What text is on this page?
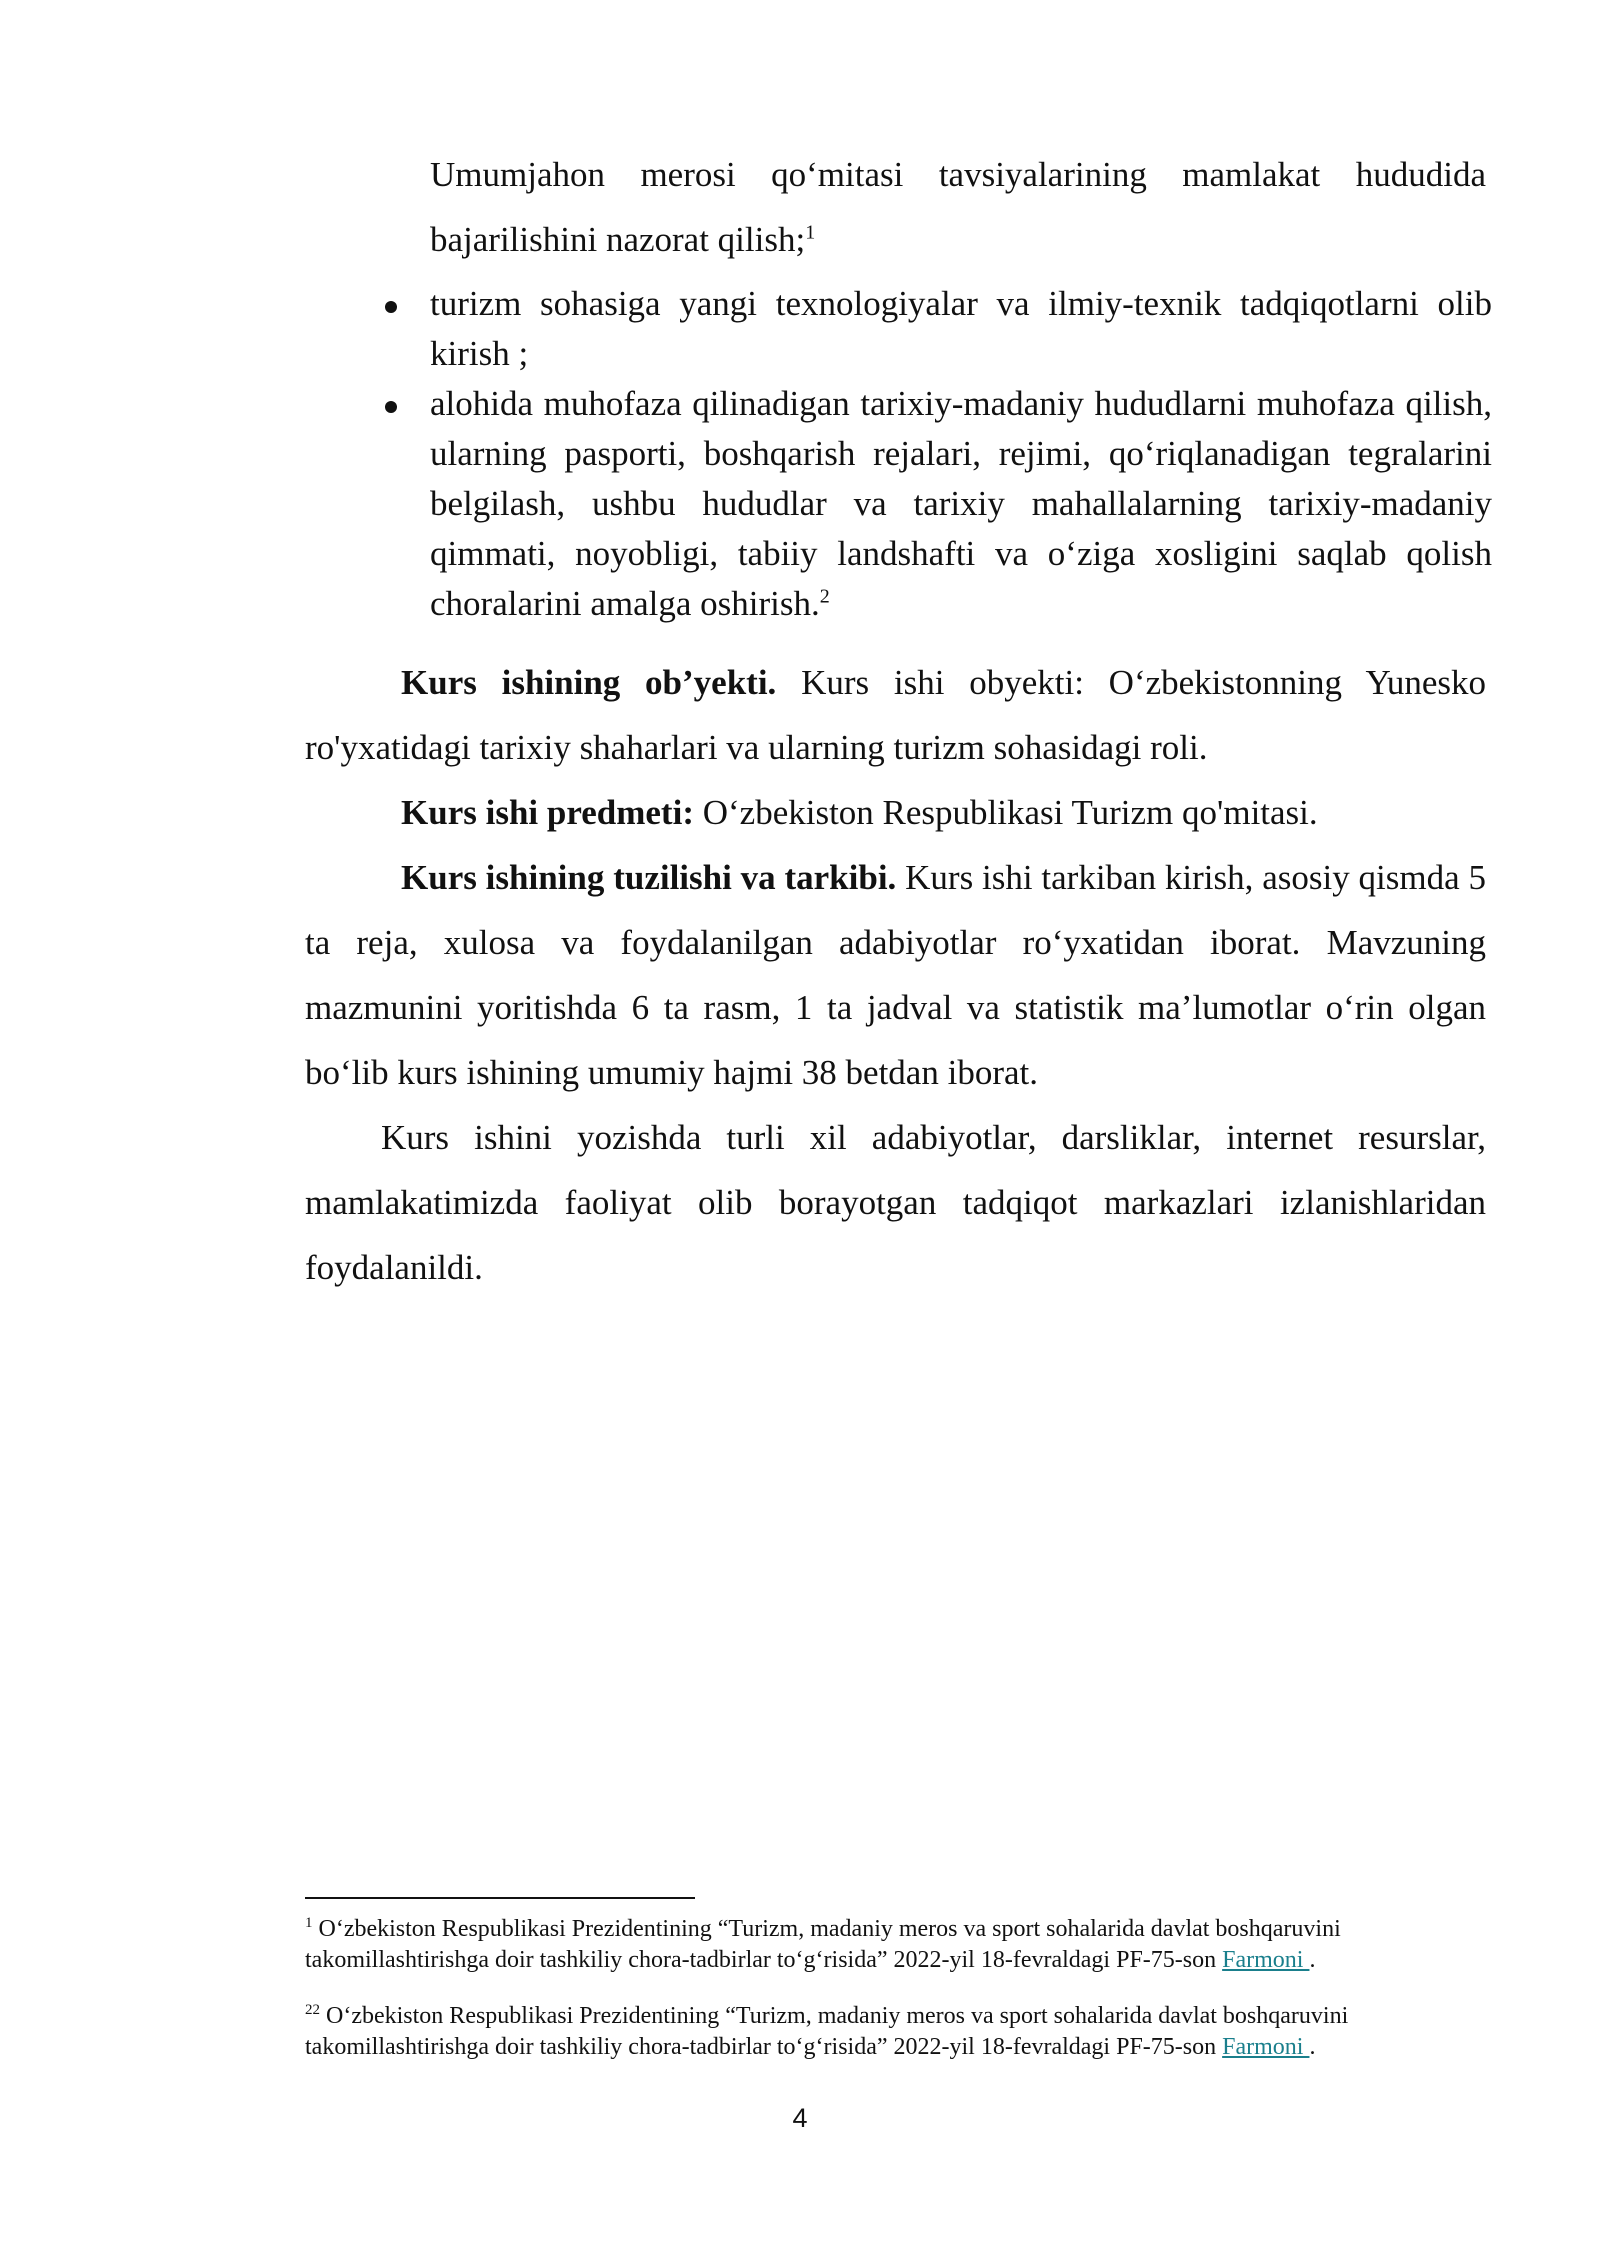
Umumjahon merosi qo‘mitasi tavsiyalarining mamlakat hududida bajarilishini nazorat qilish;$^1$

turizm sohasiga yangi texnologiyalar va ilmiy-texnik tadqiqotlarni olib kirish ;
alohida muhofaza qilinadigan tarixiy-madaniy hududlarni muhofaza qilish, ularning pasporti, boshqarish rejalari, rejimi, qo‘riqlanadigan tegralarini belgilash, ushbu hududlar va tarixiy mahallalarning tarixiy-madaniy qimmati, noyobligi, tabiiy landshafti va o‘ziga xosligini saqlab qolish choralarini amalga oshirish.$^2$

Kurs ishining ob’yekti. Kurs ishi obyekti: O‘zbekistonning Yunesko ro'yxatidagi tarixiy shaharlari va ularning turizm sohasidagi roli.

Kurs ishi predmeti: O‘zbekiston Respublikasi Turizm qo'mitasi.

Kurs ishining tuzilishi va tarkibi. Kurs ishi tarkiban kirish, asosiy qismda 5 ta reja, xulosa va foydalanilgan adabiyotlar ro‘yxatidan iborat. Mavzuning mazmunini yoritishda 6 ta rasm, 1 ta jadval va statistik ma’lumotlar o‘rin olgan bo‘lib kurs ishining umumiy hajmi 38 betdan iborat.

Kurs ishini yozishda turli xil adabiyotlar, darsliklar, internet resurslar, mamlakatimizda faoliyat olib borayotgan tadqiqot markazlari izlanishlaridan foydalanildi.

$^1$ O‘zbekiston Respublikasi Prezidentining “Turizm, madaniy meros va sport sohalarida davlat boshqaruvini takomillashtirishga doir tashkiliy chora-tadbirlar to‘g‘risida” 2022-yil 18-fevraldagi PF-75-son Farmoni .

$^{22}$ O‘zbekiston Respublikasi Prezidentining “Turizm, madaniy meros va sport sohalarida davlat boshqaruvini takomillashtirishga doir tashkiliy chora-tadbirlar to‘g‘risida” 2022-yil 18-fevraldagi PF-75-son Farmoni .

4
